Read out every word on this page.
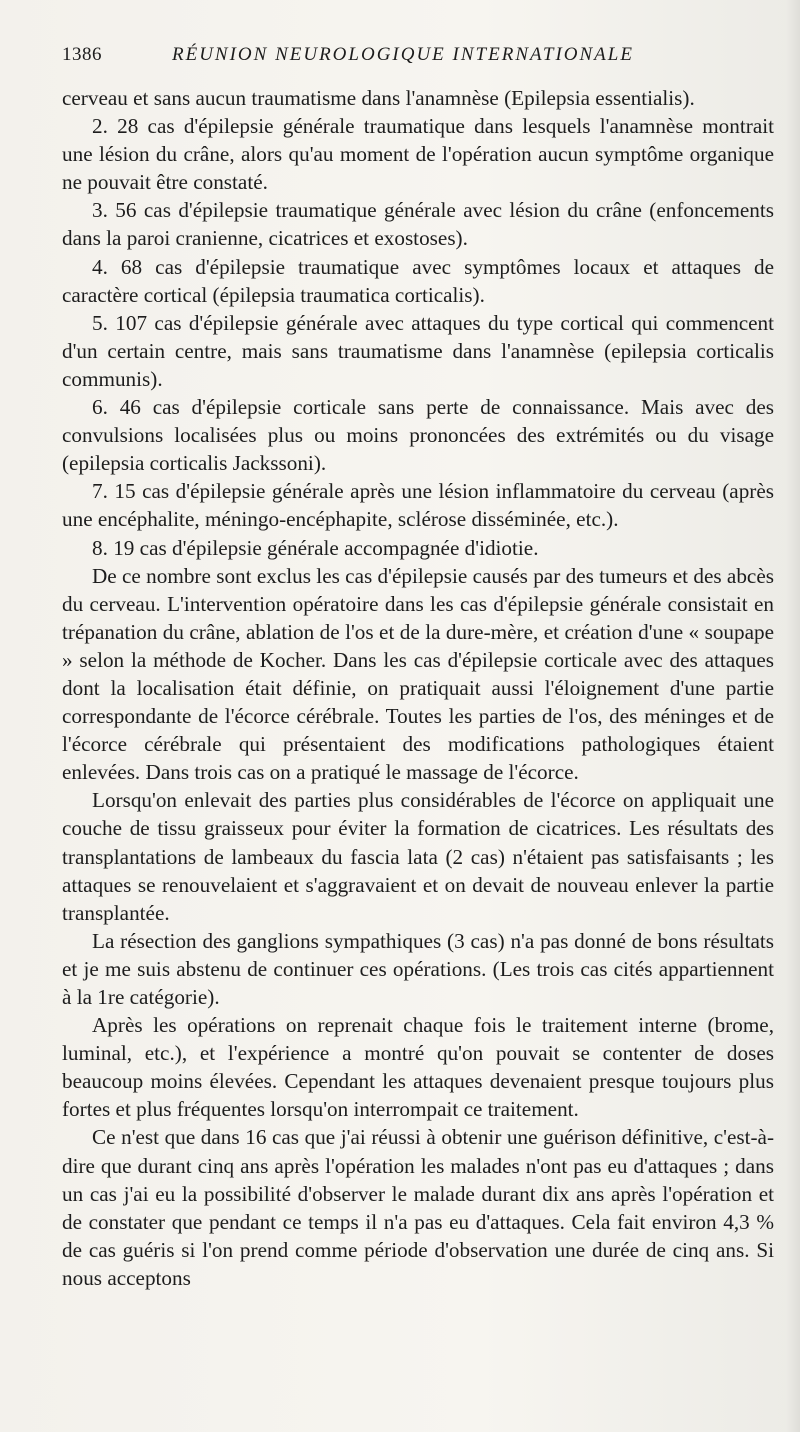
1386	RÉUNION NEUROLOGIQUE INTERNATIONALE

cerveau et sans aucun traumatisme dans l'anamnèse (Epilepsia essentialis).

2. 28 cas d'épilepsie générale traumatique dans lesquels l'anamnèse montrait une lésion du crâne, alors qu'au moment de l'opération aucun symptôme organique ne pouvait être constaté.

3. 56 cas d'épilepsie traumatique générale avec lésion du crâne (enfoncements dans la paroi cranienne, cicatrices et exostoses).

4. 68 cas d'épilepsie traumatique avec symptômes locaux et attaques de caractère cortical (épilepsia traumatica corticalis).

5. 107 cas d'épilepsie générale avec attaques du type cortical qui commencent d'un certain centre, mais sans traumatisme dans l'anamnèse (epilepsia corticalis communis).

6. 46 cas d'épilepsie corticale sans perte de connaissance. Mais avec des convulsions localisées plus ou moins prononcées des extrémités ou du visage (epilepsia corticalis Jackssoni).

7. 15 cas d'épilepsie générale après une lésion inflammatoire du cerveau (après une encéphalite, méningo-encéphapite, sclérose disséminée, etc.).

8. 19 cas d'épilepsie générale accompagnée d'idiotie.

De ce nombre sont exclus les cas d'épilepsie causés par des tumeurs et des abcès du cerveau. L'intervention opératoire dans les cas d'épilepsie générale consistait en trépanation du crâne, ablation de l'os et de la dure-mère, et création d'une « soupape » selon la méthode de Kocher. Dans les cas d'épilepsie corticale avec des attaques dont la localisation était définie, on pratiquait aussi l'éloignement d'une partie correspondante de l'écorce cérébrale. Toutes les parties de l'os, des méninges et de l'écorce cérébrale qui présentaient des modifications pathologiques étaient enlevées. Dans trois cas on a pratiqué le massage de l'écorce.

Lorsqu'on enlevait des parties plus considérables de l'écorce on appliquait une couche de tissu graisseux pour éviter la formation de cicatrices. Les résultats des transplantations de lambeaux du fascia lata (2 cas) n'étaient pas satisfaisants ; les attaques se renouvelaient et s'aggravaient et on devait de nouveau enlever la partie transplantée.

La résection des ganglions sympathiques (3 cas) n'a pas donné de bons résultats et je me suis abstenu de continuer ces opérations. (Les trois cas cités appartiennent à la 1re catégorie).

Après les opérations on reprenait chaque fois le traitement interne (brome, luminal, etc.), et l'expérience a montré qu'on pouvait se contenter de doses beaucoup moins élevées. Cependant les attaques devenaient presque toujours plus fortes et plus fréquentes lorsqu'on interrompait ce traitement.

Ce n'est que dans 16 cas que j'ai réussi à obtenir une guérison définitive, c'est-à-dire que durant cinq ans après l'opération les malades n'ont pas eu d'attaques ; dans un cas j'ai eu la possibilité d'observer le malade durant dix ans après l'opération et de constater que pendant ce temps il n'a pas eu d'attaques. Cela fait environ 4,3 % de cas guéris si l'on prend comme période d'observation une durée de cinq ans. Si nous acceptons
